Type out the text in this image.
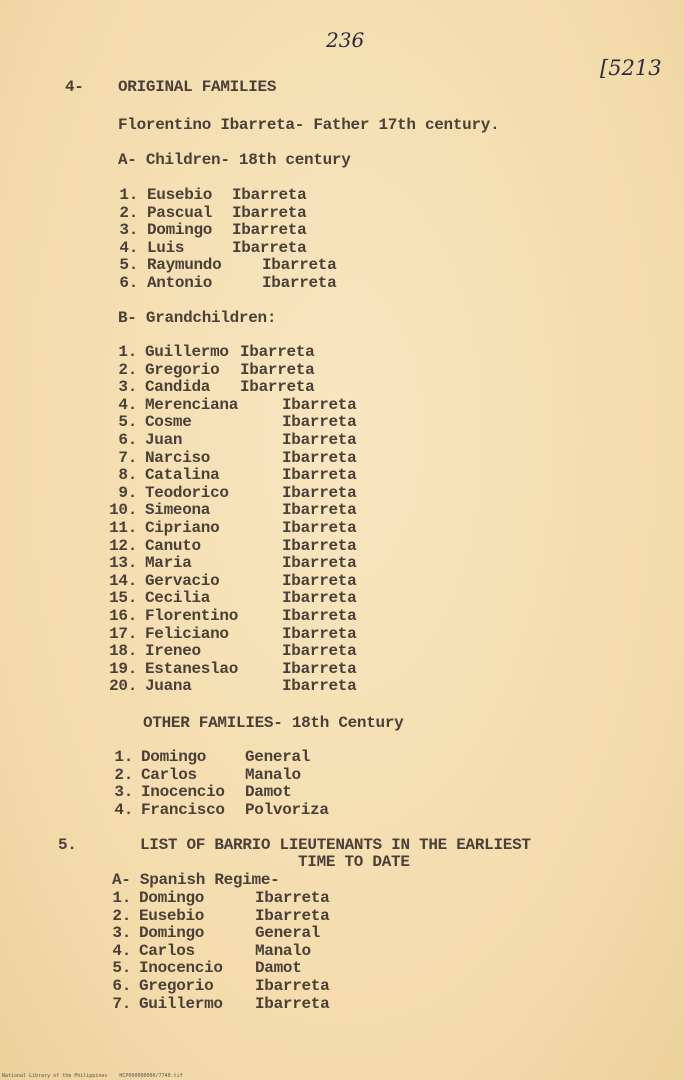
236
[5213
4- ORIGINAL FAMILIES
Florentino Ibarreta- Father 17th century.
A- Children- 18th century
1. Eusebio Ibarreta
2. Pascual Ibarreta
3. Domingo Ibarreta
4. Luis	Ibarreta
5. Raymundo	Ibarreta
6. Antonio	Ibarreta
B- Grandchildren:
1. Guillermo Ibarreta
2. Gregorio Ibarreta
3. Candida Ibarreta
4. Merenciana	Ibarreta
5. Cosme	Ibarreta
6. Juan	Ibarreta
7. Narciso	Ibarreta
8. Catalina	Ibarreta
9. Teodorico	Ibarreta
10. Simeona	Ibarreta
11. Cipriano	Ibarreta
12. Canuto	Ibarreta
13. Maria	Ibarreta
14. Gervacio	Ibarreta
15. Cecilia	Ibarreta
16. Florentino	Ibarreta
17. Feliciano	Ibarreta
18. Ireneo	Ibarreta
19. Estaneslao	Ibarreta
20. Juana	Ibarreta
OTHER FAMILIES- 18th Century
1. Domingo General
2. Carlos	Manalo
3. Inocencio Damot
4. Francisco Polvoriza
5.	LIST OF BARRIO LIEUTENANTS IN THE EARLIEST
TIME TO DATE
A- Spanish Regime-
1. Domingo	Ibarreta
2. Eusebio	Ibarreta
3. Domingo	General
4. Carlos	Manalo
5. Inocencio Damot
6. Gregorio	Ibarreta
7. Guillermo Ibarreta
National Library of the Philippines    HCP000000000/7740.tif
